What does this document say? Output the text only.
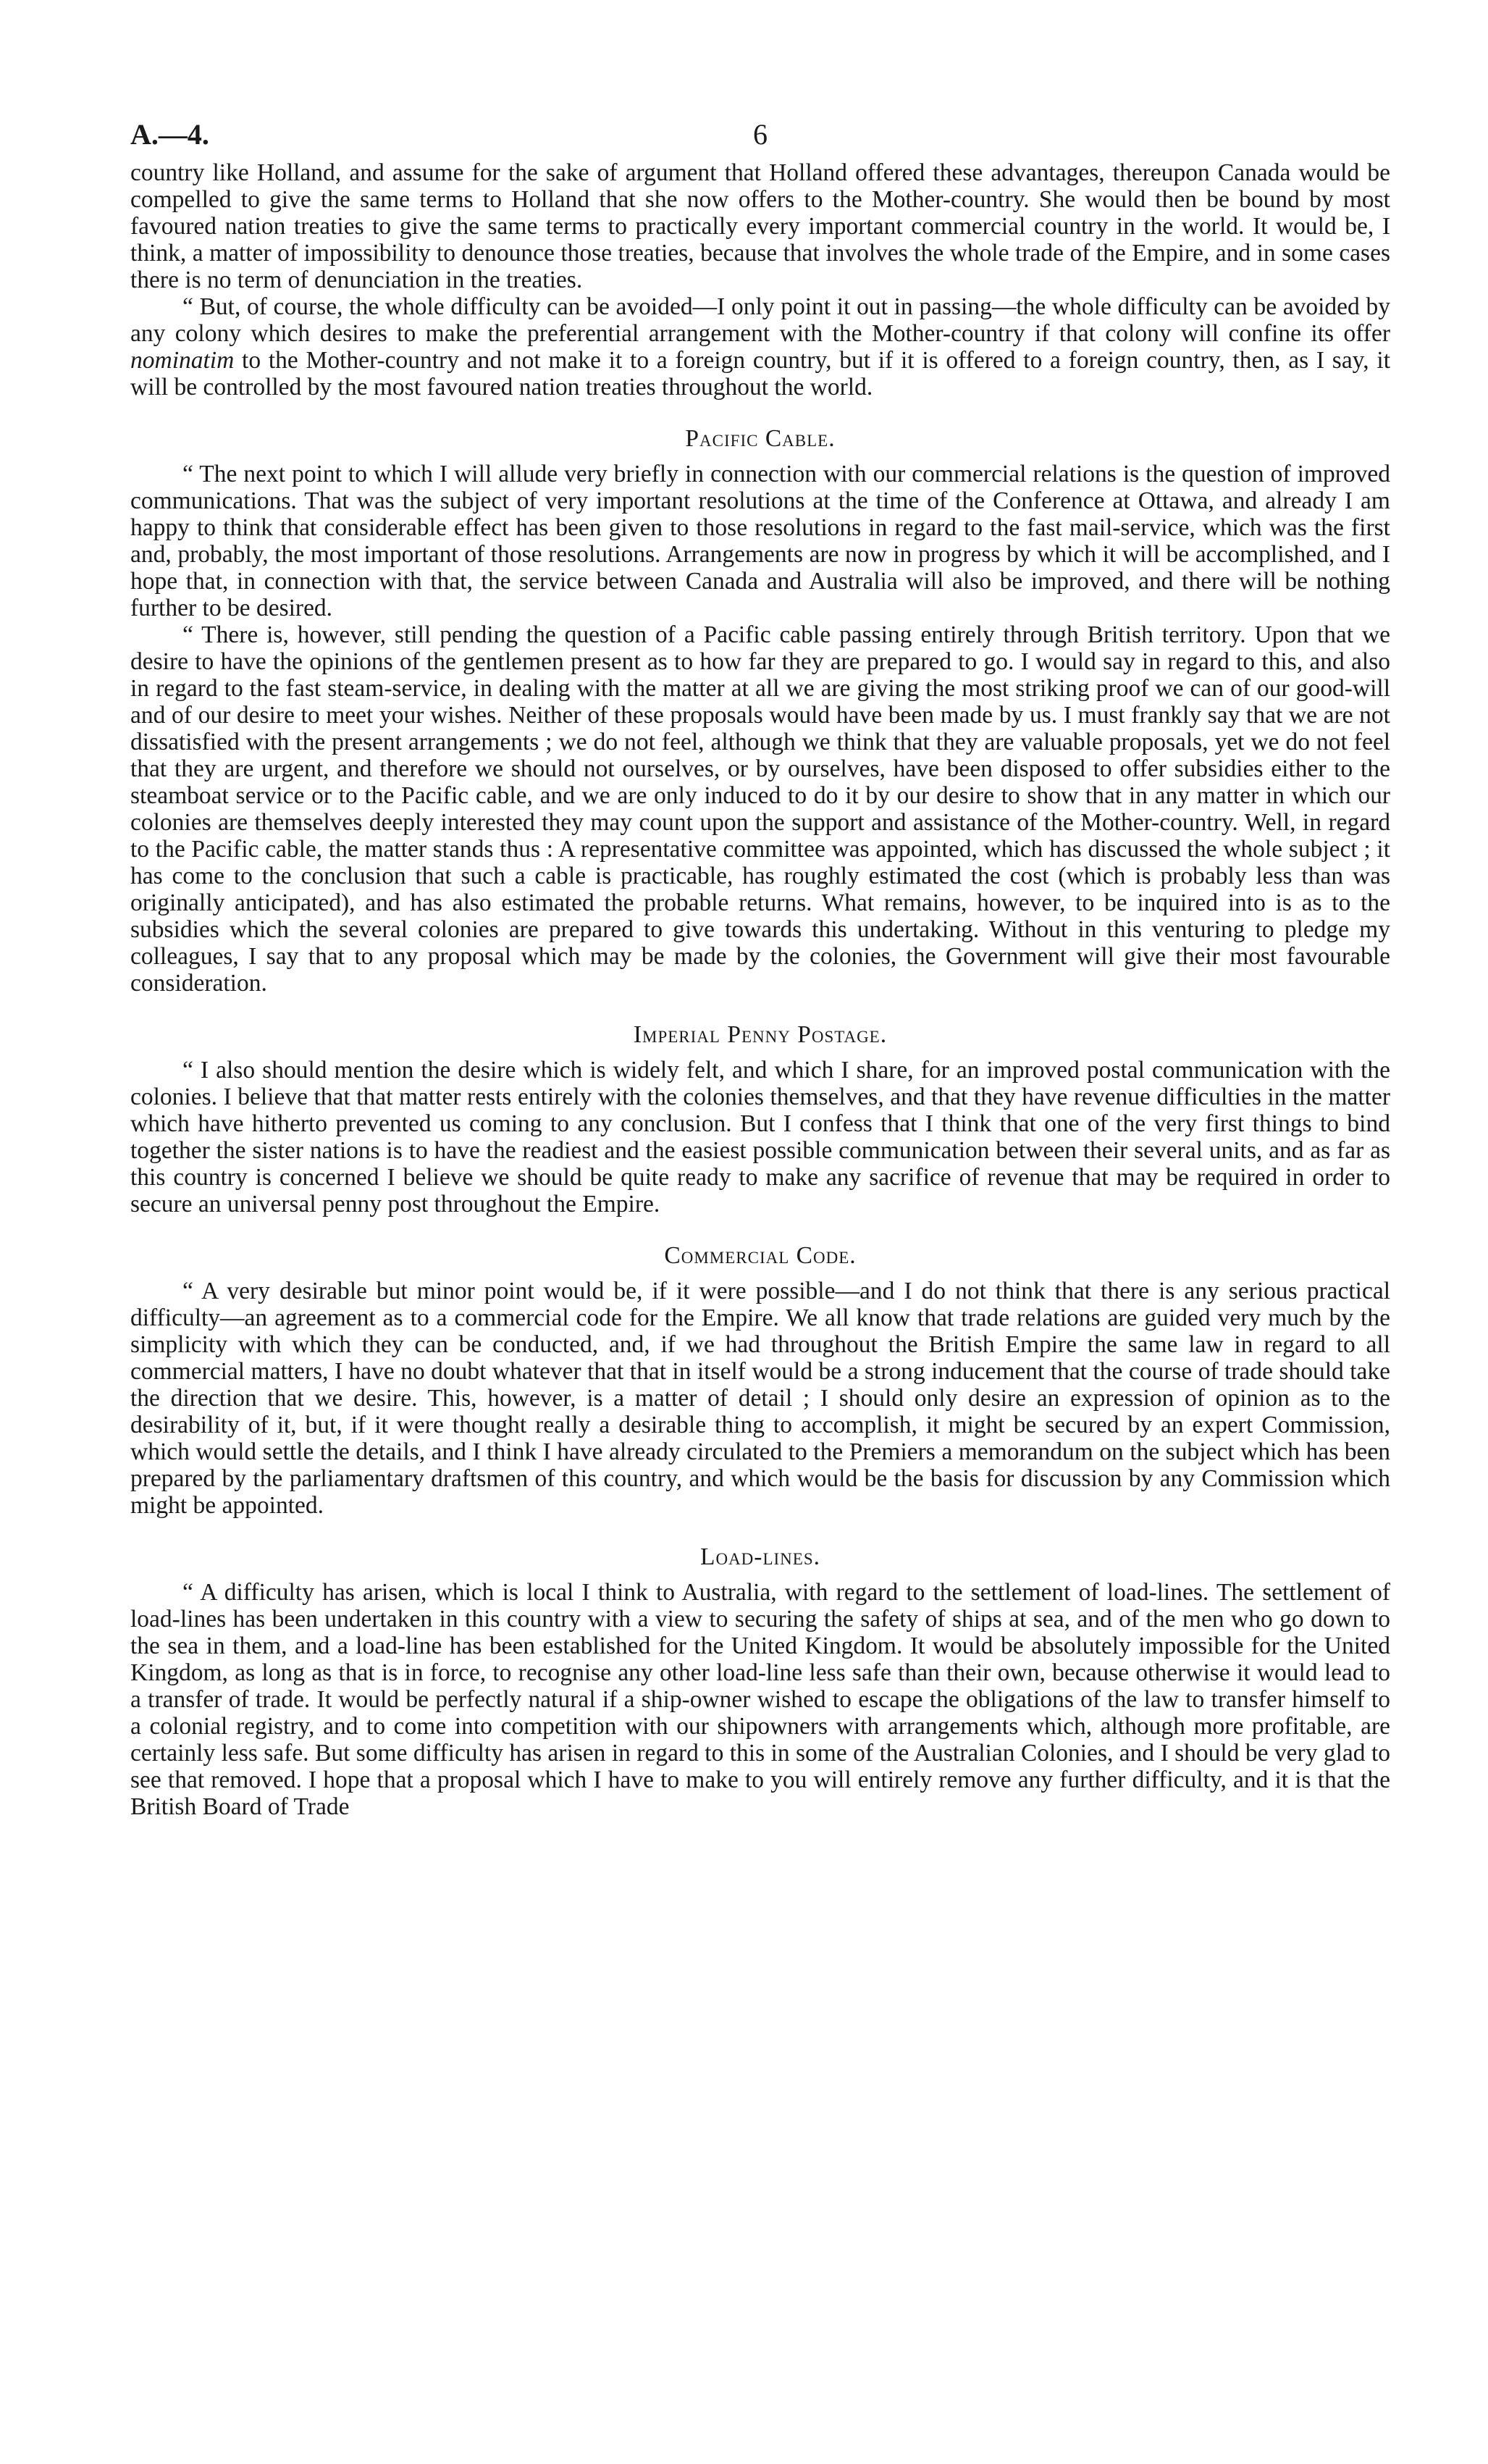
A.—4.	6

country like Holland, and assume for the sake of argument that Holland offered these advantages, thereupon Canada would be compelled to give the same terms to Holland that she now offers to the Mother-country. She would then be bound by most favoured nation treaties to give the same terms to practically every important commercial country in the world. It would be, I think, a matter of impossibility to denounce those treaties, because that involves the whole trade of the Empire, and in some cases there is no term of denunciation in the treaties.

“ But, of course, the whole difficulty can be avoided—I only point it out in passing—the whole difficulty can be avoided by any colony which desires to make the preferential arrangement with the Mother-country if that colony will confine its offer nominatim to the Mother-country and not make it to a foreign country, but if it is offered to a foreign country, then, as I say, it will be controlled by the most favoured nation treaties throughout the world.

Pacific Cable.

“ The next point to which I will allude very briefly in connection with our commercial relations is the question of improved communications. That was the subject of very important resolutions at the time of the Conference at Ottawa, and already I am happy to think that considerable effect has been given to those resolutions in regard to the fast mail-service, which was the first and, probably, the most important of those resolutions. Arrangements are now in progress by which it will be accomplished, and I hope that, in connection with that, the service between Canada and Australia will also be improved, and there will be nothing further to be desired.

“ There is, however, still pending the question of a Pacific cable passing entirely through British territory. Upon that we desire to have the opinions of the gentlemen present as to how far they are prepared to go. I would say in regard to this, and also in regard to the fast steam-service, in dealing with the matter at all we are giving the most striking proof we can of our good-will and of our desire to meet your wishes. Neither of these proposals would have been made by us. I must frankly say that we are not dissatisfied with the present arrangements ; we do not feel, although we think that they are valuable proposals, yet we do not feel that they are urgent, and therefore we should not ourselves, or by ourselves, have been disposed to offer subsidies either to the steamboat service or to the Pacific cable, and we are only induced to do it by our desire to show that in any matter in which our colonies are themselves deeply interested they may count upon the support and assistance of the Mother-country. Well, in regard to the Pacific cable, the matter stands thus : A representative committee was appointed, which has discussed the whole subject ; it has come to the conclusion that such a cable is practicable, has roughly estimated the cost (which is probably less than was originally anticipated), and has also estimated the probable returns. What remains, however, to be inquired into is as to the subsidies which the several colonies are prepared to give towards this undertaking. Without in this venturing to pledge my colleagues, I say that to any proposal which may be made by the colonies, the Government will give their most favourable consideration.

Imperial Penny Postage.

“ I also should mention the desire which is widely felt, and which I share, for an improved postal communication with the colonies. I believe that that matter rests entirely with the colonies themselves, and that they have revenue difficulties in the matter which have hitherto prevented us coming to any conclusion. But I confess that I think that one of the very first things to bind together the sister nations is to have the readiest and the easiest possible communication between their several units, and as far as this country is concerned I believe we should be quite ready to make any sacrifice of revenue that may be required in order to secure an universal penny post throughout the Empire.

Commercial Code.

“ A very desirable but minor point would be, if it were possible—and I do not think that there is any serious practical difficulty—an agreement as to a commercial code for the Empire. We all know that trade relations are guided very much by the simplicity with which they can be conducted, and, if we had throughout the British Empire the same law in regard to all commercial matters, I have no doubt whatever that that in itself would be a strong inducement that the course of trade should take the direction that we desire. This, however, is a matter of detail ; I should only desire an expression of opinion as to the desirability of it, but, if it were thought really a desirable thing to accomplish, it might be secured by an expert Commission, which would settle the details, and I think I have already circulated to the Premiers a memorandum on the subject which has been prepared by the parliamentary draftsmen of this country, and which would be the basis for discussion by any Commission which might be appointed.

Load-lines.

“ A difficulty has arisen, which is local I think to Australia, with regard to the settlement of load-lines. The settlement of load-lines has been undertaken in this country with a view to securing the safety of ships at sea, and of the men who go down to the sea in them, and a load-line has been established for the United Kingdom. It would be absolutely impossible for the United Kingdom, as long as that is in force, to recognise any other load-line less safe than their own, because otherwise it would lead to a transfer of trade. It would be perfectly natural if a ship-owner wished to escape the obligations of the law to transfer himself to a colonial registry, and to come into competition with our shipowners with arrangements which, although more profitable, are certainly less safe. But some difficulty has arisen in regard to this in some of the Australian Colonies, and I should be very glad to see that removed. I hope that a proposal which I have to make to you will entirely remove any further difficulty, and it is that the British Board of Trade
